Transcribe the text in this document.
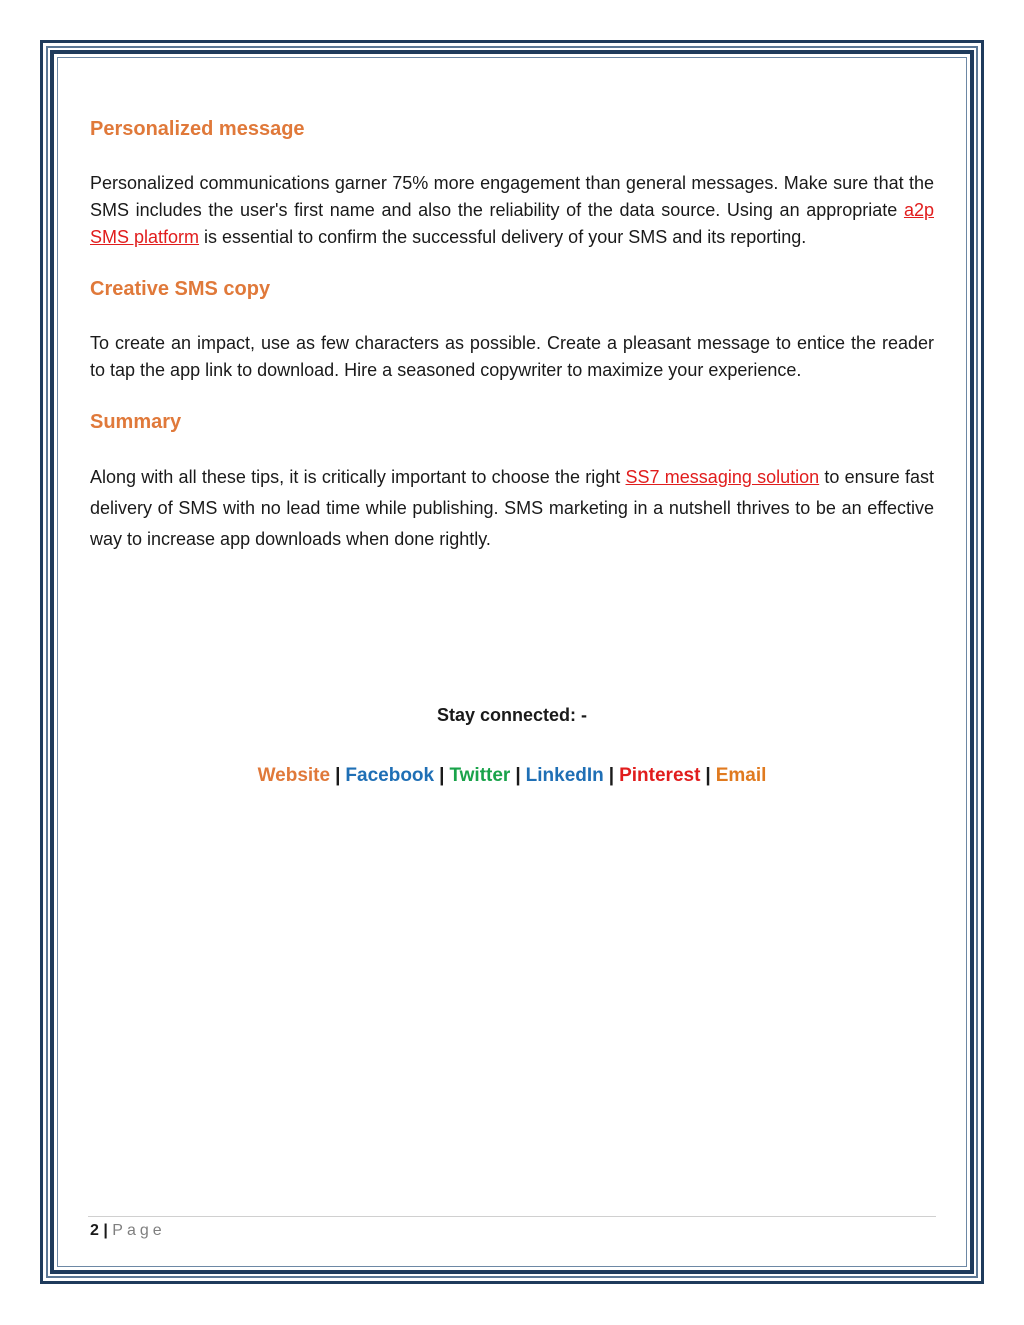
Personalized message

Personalized communications garner 75% more engagement than general messages. Make sure that the SMS includes the user's first name and also the reliability of the data source. Using an appropriate a2p SMS platform is essential to confirm the successful delivery of your SMS and its reporting.

Creative SMS copy

To create an impact, use as few characters as possible. Create a pleasant message to entice the reader to tap the app link to download. Hire a seasoned copywriter to maximize your experience.

Summary

Along with all these tips, it is critically important to choose the right SS7 messaging solution to ensure fast delivery of SMS with no lead time while publishing. SMS marketing in a nutshell thrives to be an effective way to increase app downloads when done rightly.

Stay connected: -
Website | Facebook | Twitter | LinkedIn | Pinterest | Email
2 | Page
